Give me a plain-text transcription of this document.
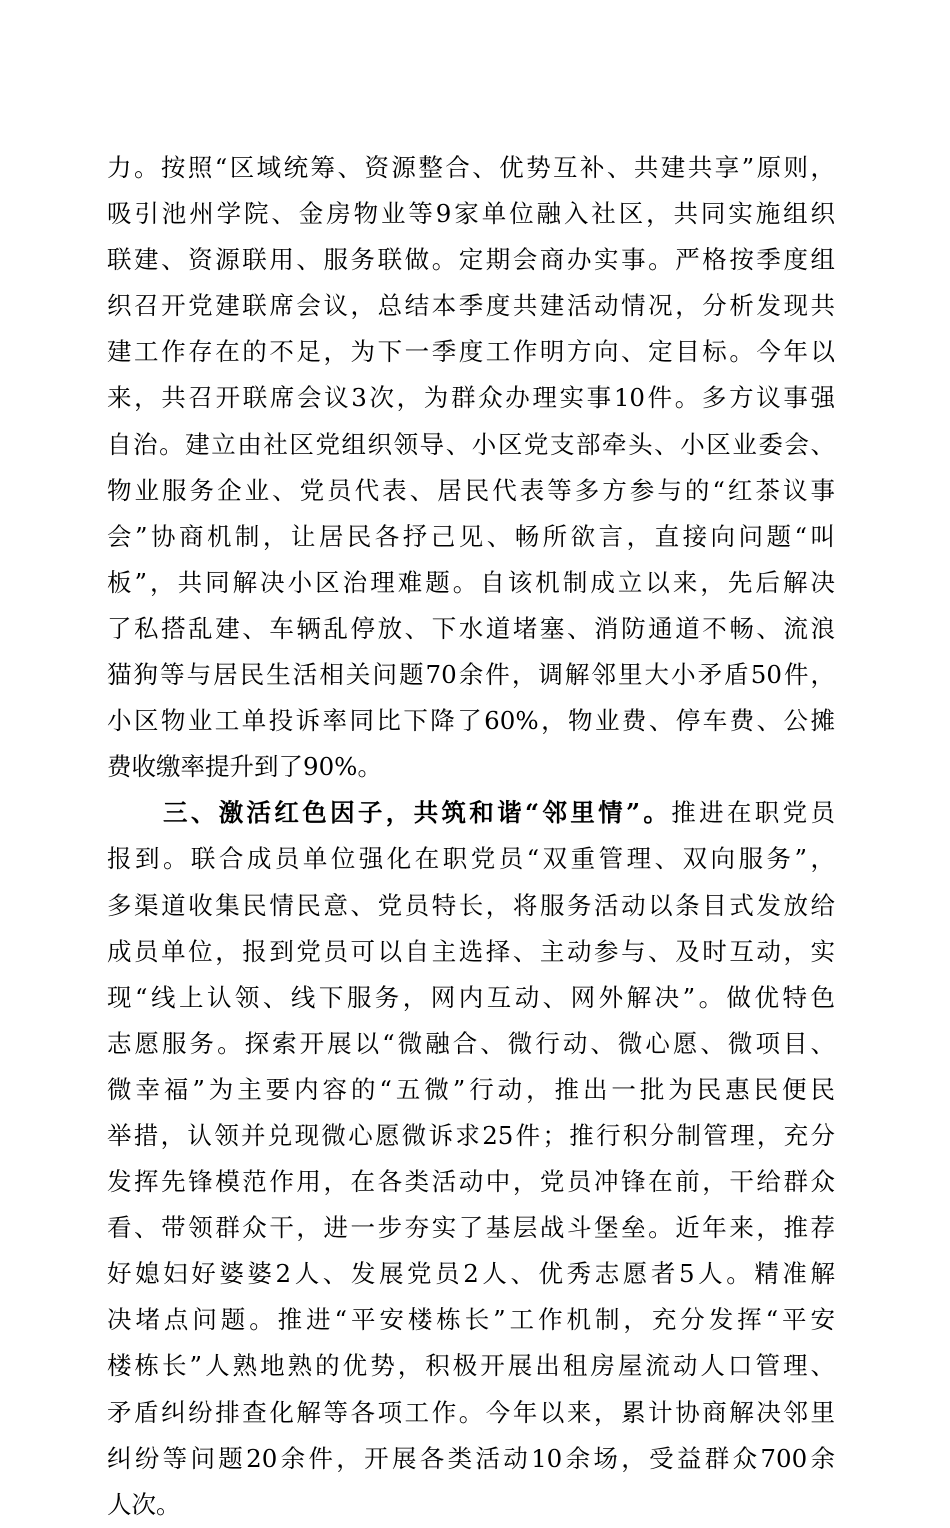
力。按照“区域统筹、资源整合、优势互补、共建共享”原则，
吸引池州学院、金房物业等9家单位融入社区，共同实施组织
联建、资源联用、服务联做。定期会商办实事。严格按季度组
织召开党建联席会议，总结本季度共建活动情况，分析发现共
建工作存在的不足，为下一季度工作明方向、定目标。今年以
来，共召开联席会议3次，为群众办理实事10件。多方议事强
自治。建立由社区党组织领导、小区党支部牵头、小区业委会、
物业服务企业、党员代表、居民代表等多方参与的“红茶议事
会”协商机制，让居民各抒己见、畅所欲言，直接向问题“叫
板”，共同解决小区治理难题。自该机制成立以来，先后解决
了私搭乱建、车辆乱停放、下水道堵塞、消防通道不畅、流浪
猫狗等与居民生活相关问题70余件，调解邻里大小矛盾50件，
小区物业工单投诉率同比下降了60%，物业费、停车费、公摊
费收缴率提升到了90%。
三、激活红色因子，共筑和谐“邻里情”。推进在职党员
报到。联合成员单位强化在职党员“双重管理、双向服务”，
多渠道收集民情民意、党员特长，将服务活动以条目式发放给
成员单位，报到党员可以自主选择、主动参与、及时互动，实
现“线上认领、线下服务，网内互动、网外解决”。做优特色
志愿服务。探索开展以“微融合、微行动、微心愿、微项目、
微幸福”为主要内容的“五微”行动，推出一批为民惠民便民
举措，认领并兑现微心愿微诉求25件；推行积分制管理，充分
发挥先锋模范作用，在各类活动中，党员冲锋在前，干给群众
看、带领群众干，进一步夯实了基层战斗堡垒。近年来，推荐
好媳妇好婆婆2人、发展党员2人、优秀志愿者5人。精准解
决堵点问题。推进“平安楼栋长”工作机制，充分发挥“平安
楼栋长”人熟地熟的优势，积极开展出租房屋流动人口管理、
矛盾纠纷排查化解等各项工作。今年以来，累计协商解决邻里
纠纷等问题20余件，开展各类活动10余场，受益群众700余
人次。
